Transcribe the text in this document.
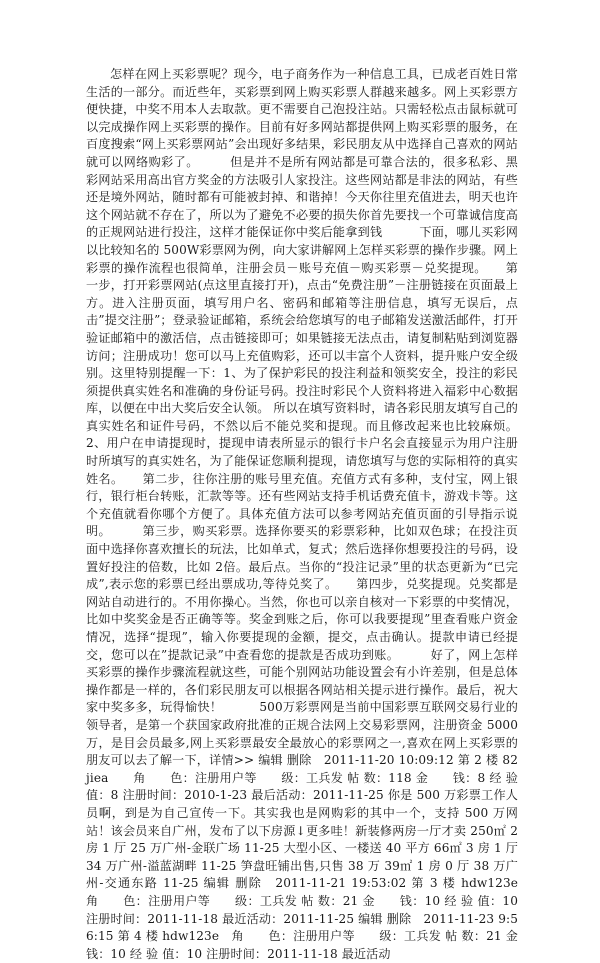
怎样在网上买彩票呢？现今，电子商务作为一种信息工具，已成老百姓日常生活的一部分。而近些年，买彩票到网上购买彩票人群越来越多。网上买彩票方便快捷，中奖不用本人去取款。更不需要自己泡投注站。只需轻松点击鼠标就可以完成操作网上买彩票的操作。目前有好多网站都提供网上购买彩票的服务，在百度搜索“网上买彩票网站”会出现好多结果，彩民朋友从中选择自己喜欢的网站就可以网络购彩了。　　　但是并不是所有网站都是可靠合法的，很多私彩、黑彩网站采用高出官方奖金的方法吸引人家投注。这些网站都是非法的网站，有些还是境外网站，随时都有可能被封掉、和谐掉！今天你往里充值进去，明天也许这个网站就不存在了，所以为了避免不必要的损失你首先要找一个可靠诚信度高的正规网站进行投注，这样才能保证你中奖后能拿到钱　　　下面，哪儿买彩网以比较知名的 500W彩票网为例，向大家讲解网上怎样买彩票的操作步骤。网上彩票的操作流程也很简单，注册会员－账号充值－购买彩票－兑奖提现。　　第一步，打开彩票网站(点这里直接打开)，点击“免费注册”－注册链接在页面最上方。进入注册页面，填写用户名、密码和邮箱等注册信息，填写无误后，点击”提交注册”；登录验证邮箱，系统会给您填写的电子邮箱发送激活邮件，打开验证邮箱中的激活信，点击链接即可；如果链接无法点击，请复制粘贴到浏览器访问；注册成功！您可以马上充值购彩，还可以丰富个人资料，提升账户安全级别。这里特别提醒一下：1、为了保护彩民的投注利益和领奖安全，投注的彩民须提供真实姓名和准确的身份证号码。投注时彩民个人资料将进入福彩中心数据库，以便在中出大奖后安全认领。 所以在填写资料时，请各彩民朋友填写自己的真实姓名和证件号码，不然以后不能兑奖和提现。而且修改起来也比较麻烦。2、用户在申请提现时，提现申请表所显示的银行卡户名会直接显示为用户注册时所填写的真实姓名，为了能保证您顺利提现，请您填写与您的实际相符的真实姓名。　　第二步，往你注册的账号里充值。充值方式有多种，支付宝，网上银行，银行柜台转账，汇款等等。还有些网站支持手机话费充值卡，游戏卡等。这个充值就看你哪个方便了。具体充值方法可以参考网站充值页面的引导指示说明。　　　第三步，购买彩票。选择你要买的彩票彩种，比如双色球；在投注页面中选择你喜欢擅长的玩法，比如单式，复式；然后选择你想要投注的号码，设置好投注的倍数，比如 2倍。最后点。当你的“投注记录”里的状态更新为“已完成”,表示您的彩票已经出票成功,等待兑奖了。　　第四步，兑奖提现。兑奖都是网站自动进行的。不用你操心。当然，你也可以亲自核对一下彩票的中奖情况，比如中奖奖金是否正确等等。奖金到账之后，你可以我要提现”里查看账户资金情况，选择“提现”，输入你要提现的金额，提交，点击确认。提款申请已经提交，您可以在”提款记录”中查看您的提款是否成功到账。　　　好了，网上怎样买彩票的操作步骤流程就这些，可能个别网站功能设置会有小许差别，但是总体操作都是一样的，各们彩民朋友可以根据各网站相关提示进行操作。最后，祝大家中奖多多，玩得愉快！　　　500万彩票网是当前中国彩票互联网交易行业的领导者，是第一个获国家政府批准的正规合法网上交易彩票网，注册资金 5000 万，是目会员最多,网上买彩票最安全最放心的彩票网之一,喜欢在网上买彩票的朋友可以去了解一下，详情>> 编辑 删除　2011-11-20 10:09:12 第 2 楼 82jiea　　角　　色：注册用户等　　级：工兵发 帖 数：118 金　　钱：8 经 验 值：8 注册时间：2010-1-23 最后活动：2011-11-25 你是 500 万彩票工作人员啊，到是为自己宣传一下。其实我也是网购彩的其中一个，支持 500 万网站！该会员来自广州，发布了以下房源↓更多哇！新装修两房一厅才卖 250㎡ 2 房 1 厅 25 万广州-金联广场 11-25 大型小区、一楼送 40 平方 66㎡ 3 房 1 厅 34 万广州-溢蓝湖畔 11-25 笋盘旺铺出售,只售 38 万 39㎡ 1 房 0 厅 38 万广州-交通东路 11-25 编辑 删除　2011-11-21 19:53:02 第 3 楼 hdw123e　角　　色：注册用户等　　级：工兵发 帖 数：21 金　　钱：10 经 验 值：10 注册时间：2011-11-18 最近活动：2011-11-25 编辑 删除　2011-11-23 9:56:15 第 4 楼 hdw123e　角　　色：注册用户等　　级：工兵发 帖 数：21 金　　钱：10 经 验 值：10 注册时间：2011-11-18 最近活动
